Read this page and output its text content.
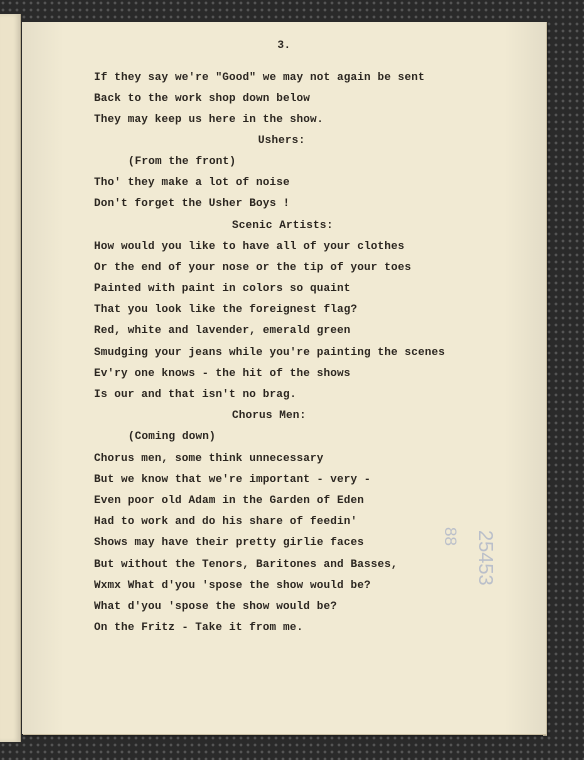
3.
If they say we're "Good" we may not again be sent
Back to the work shop down below
They may keep us here in the show.
Ushers:
(From the front)
Tho' they make a lot of noise
Don't forget the Usher Boys !
Scenic Artists:
How would you like to have all of your clothes
Or the end of your nose or the tip of your toes
Painted with paint in colors so quaint
That you look like the foreignest flag?
Red, white and lavender, emerald green
Smudging your jeans while you're painting the scenes
Ev'ry one knows - the hit of the shows
Is our and that isn't no brag.
Chorus Men:
(Coming down)
Chorus men, some think unnecessary
But we know that we're important - very -
Even poor old Adam in the Garden of Eden
Had to work and do his share of feedin'
Shows may have their pretty girlie faces
But without the Tenors, Baritones and Basses,
Wxmx What d'you 'spose the show would be?
What d'you 'spose the show would be?
On the Fritz - Take it from me.
88 25453
